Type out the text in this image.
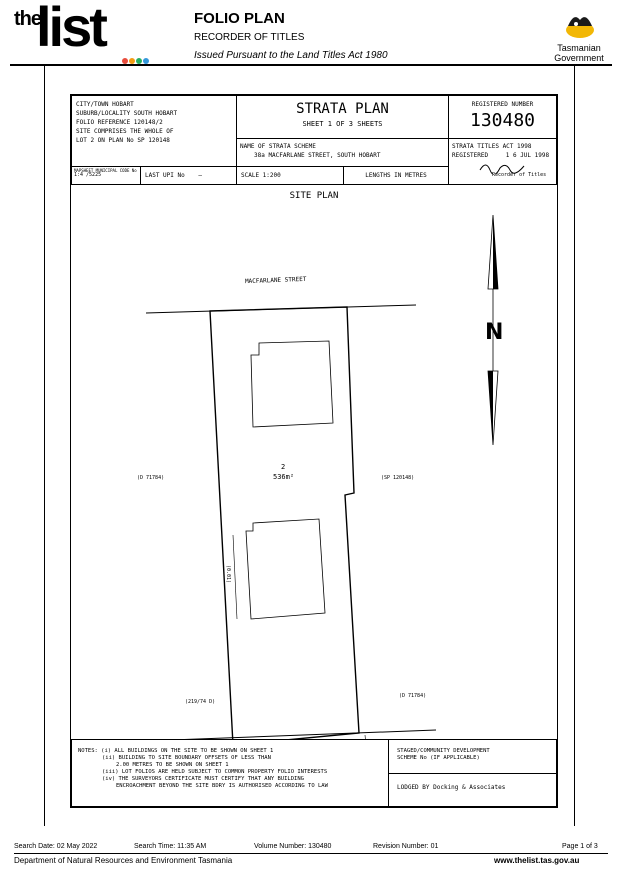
the
list	FOLIO PLAN
RECORDER OF TITLES
Issued Pursuant to the Land Titles Act 1980
Tasmanian
Government
CITY/TOWN HOBART
SUBURB/LOCALITY SOUTH HOBART
FOLIO REFERENCE 120148/2
SITE COMPRISES THE WHOLE OF
LOT 2 ON PLAN No SP 120148
STRATA PLAN
SHEET 1 OF 3 SHEETS
NAME OF STRATA SCHEME
38a MACFARLANE STREET, SOUTH HOBART
REGISTERED NUMBER
130480
STRATA TITLES ACT 1998
REGISTERED	1 6 JUL 1998
Recorder of Titles
MAPSHEET MUNICIPAL CODE No
1:4 /5225	LAST UPI No —	SCALE 1:200	LENGTHS IN METRES
SITE PLAN
N
MACFARLANE STREET
2
536m²
(D 71784)	(SP 120148)
(219/74 D)
(D 71784)
(0.01)
NOTES: (i) ALL BUILDINGS ON THE SITE TO BE SHOWN ON SHEET 1
(ii) BUILDING TO SITE BOUNDARY OFFSETS OF LESS THAN
2.00 METRES TO BE SHOWN ON SHEET 1
(iii) LOT FOLIOS ARE HELD SUBJECT TO COMMON PROPERTY FOLIO INTERESTS
(iv) THE SURVEYORS CERTIFICATE MUST CERTIFY THAT ANY BUILDING
ENCROACHMENT BEYOND THE SITE BDRY IS AUTHORISED ACCORDING TO LAW
STAGED/COMMUNITY DEVELOPMENT
SCHEME No (IF APPLICABLE)
LODGED BY Docking & Associates
Search Date: 02 May 2022	Search Time: 11:35 AM	Volume Number: 130480	Revision Number: 01	Page 1 of 3
Department of Natural Resources and Environment Tasmania	www.thelist.tas.gov.au
